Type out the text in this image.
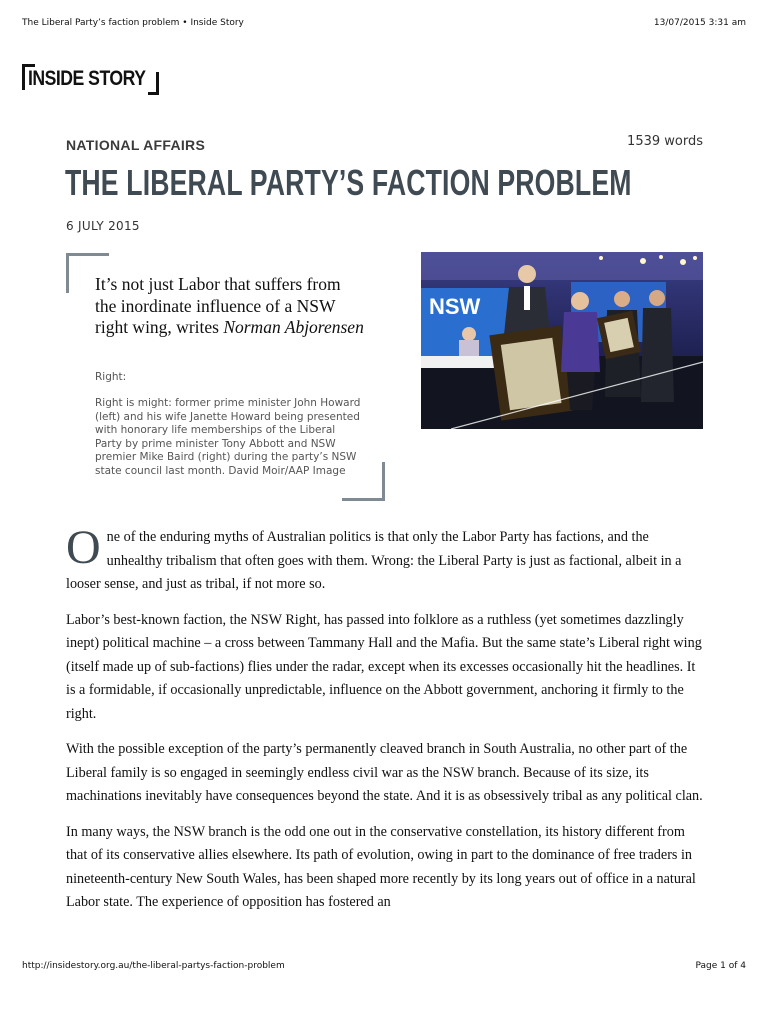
The Liberal Party’s faction problem • Inside Story	13/07/2015 3:31 am
INSIDE STORY
NATIONAL AFFAIRS	1539 words
THE LIBERAL PARTY’S FACTION PROBLEM
6 JULY 2015

It’s not just Labor that suffers from the inordinate influence of a NSW right wing, writes Norman Abjorensen

Right:

Right is might: former prime minister John Howard (left) and his wife Janette Howard being presented with honorary life memberships of the Liberal Party by prime minister Tony Abbott and NSW premier Mike Baird (right) during the party’s NSW state council last month. David Moir/AAP Image

NSW

One of the enduring myths of Australian politics is that only the Labor Party has factions, and the unhealthy tribalism that often goes with them. Wrong: the Liberal Party is just as factional, albeit in a looser sense, and just as tribal, if not more so.

Labor’s best-known faction, the NSW Right, has passed into folklore as a ruthless (yet sometimes dazzlingly inept) political machine – a cross between Tammany Hall and the Mafia. But the same state’s Liberal right wing (itself made up of sub-factions) flies under the radar, except when its excesses occasionally hit the headlines. It is a formidable, if occasionally unpredictable, influence on the Abbott government, anchoring it firmly to the right.

With the possible exception of the party’s permanently cleaved branch in South Australia, no other part of the Liberal family is so engaged in seemingly endless civil war as the NSW branch. Because of its size, its machinations inevitably have consequences beyond the state. And it is as obsessively tribal as any political clan.

In many ways, the NSW branch is the odd one out in the conservative constellation, its history different from that of its conservative allies elsewhere. Its path of evolution, owing in part to the dominance of free traders in nineteenth-century New South Wales, has been shaped more recently by its long years out of office in a natural Labor state. The experience of opposition has fostered an

http://insidestory.org.au/the-liberal-partys-faction-problem	Page 1 of 4
